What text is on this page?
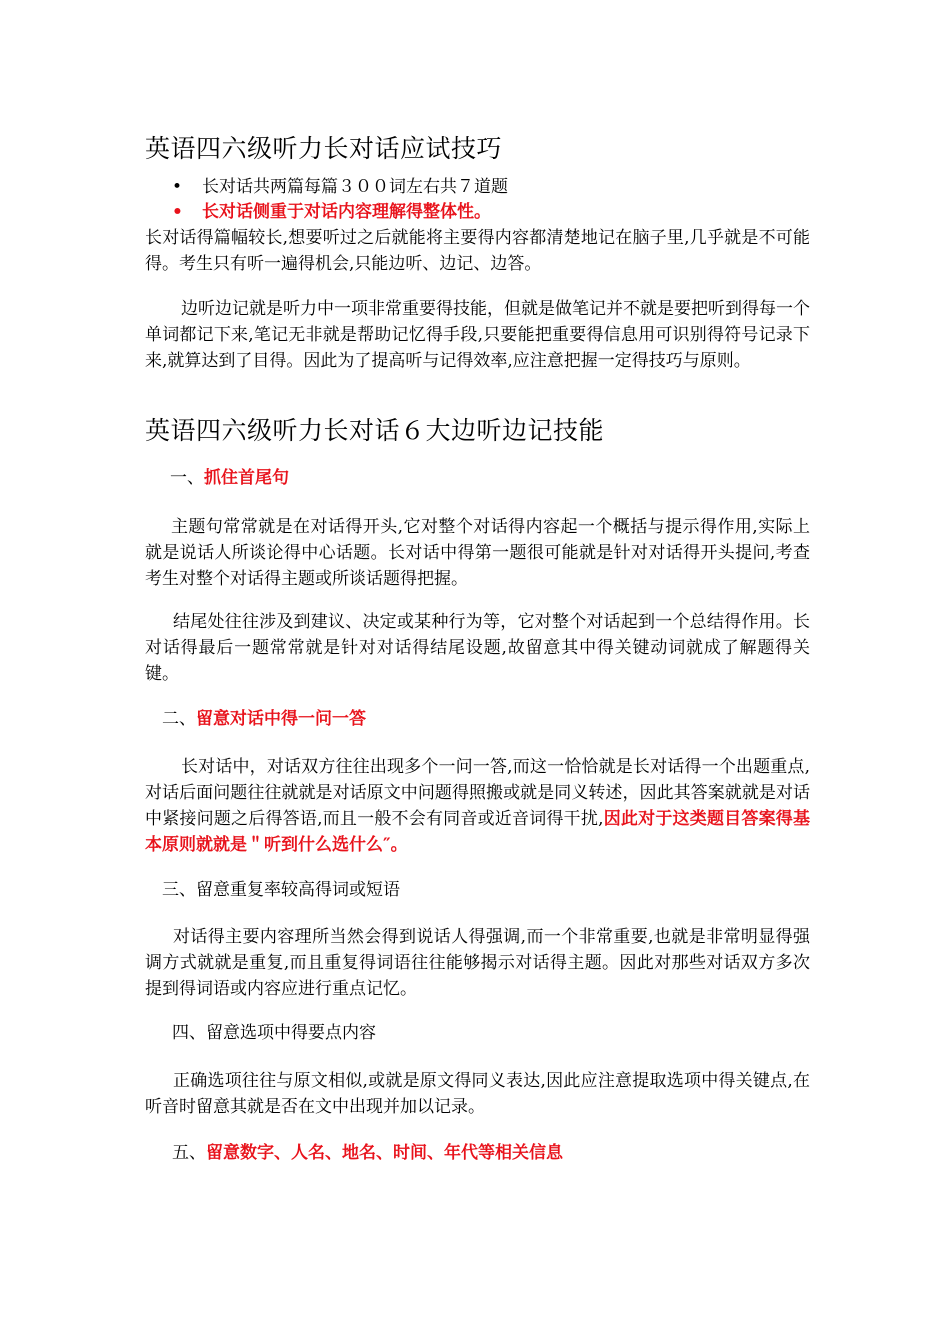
英语四六级听力长对话应试技巧
• 长对话共两篇每篇３００词左右共７道题
• 长对话侧重于对话内容理解得整体性。

长对话得篇幅较长,想要听过之后就能将主要得内容都清楚地记在脑子里,几乎就是不可能得。考生只有听一遍得机会,只能边听、边记、边答。

边听边记就是听力中一项非常重要得技能，但就是做笔记并不就是要把听到得每一个单词都记下来,笔记无非就是帮助记忆得手段,只要能把重要得信息用可识别得符号记录下来,就算达到了目得。因此为了提高听与记得效率,应注意把握一定得技巧与原则。

英语四六级听力长对话６大边听边记技能
一、抓住首尾句

主题句常常就是在对话得开头,它对整个对话得内容起一个概括与提示得作用,实际上就是说话人所谈论得中心话题。长对话中得第一题很可能就是针对对话得开头提问,考查考生对整个对话得主题或所谈话题得把握。

结尾处往往涉及到建议、决定或某种行为等，它对整个对话起到一个总结得作用。长对话得最后一题常常就是针对对话得结尾设题,故留意其中得关键动词就成了解题得关键。

二、留意对话中得一问一答

长对话中，对话双方往往出现多个一问一答,而这一恰恰就是长对话得一个出题重点,对话后面问题往往就就是对话原文中问题得照搬或就是同义转述，因此其答案就就是对话中紧接问题之后得答语,而且一般不会有同音或近音词得干扰,因此对于这类题目答案得基本原则就就是＂听到什么选什么″。

三、留意重复率较高得词或短语

对话得主要内容理所当然会得到说话人得强调,而一个非常重要,也就是非常明显得强调方式就就是重复,而且重复得词语往往能够揭示对话得主题。因此对那些对话双方多次提到得词语或内容应进行重点记忆。

四、留意选项中得要点内容

正确选项往往与原文相似,或就是原文得同义表达,因此应注意提取选项中得关键点,在听音时留意其就是否在文中出现并加以记录。

五、留意数字、人名、地名、时间、年代等相关信息
